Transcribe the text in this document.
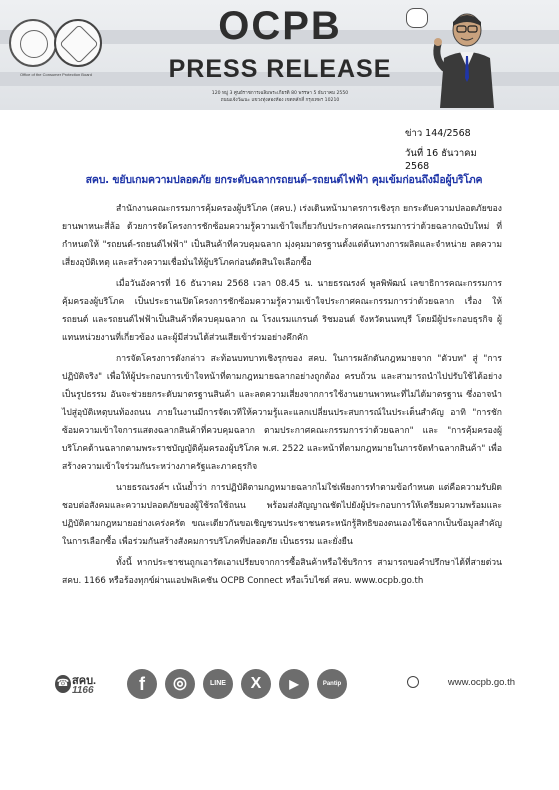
Office of the Consumer Protection Board
OCPB
PRESS RELEASE
120 หมู่ 3 ศูนย์ราชการเฉลิมพระเกียรติ 80 พรรษา 5 ธันวาคม 2550
ถนนแจ้งวัฒนะ แขวงทุ่งสองห้อง เขตหลักสี่ กรุงเทพฯ 10210
ข่าว 144/2568
วันที่ 16 ธันวาคม 2568
สคบ. ขยับเกมความปลอดภัย ยกระดับฉลากรถยนต์–รถยนต์ไฟฟ้า คุมเข้มก่อนถึงมือผู้บริโภค

สำนักงานคณะกรรมการคุ้มครองผู้บริโภค (สคบ.) เร่งเดินหน้ามาตรการเชิงรุก ยกระดับความปลอดภัยของยานพาหนะสี่ล้อ ด้วยการจัดโครงการชักซ้อมความรู้ความเข้าใจเกี่ยวกับประกาศคณะกรรมการว่าด้วยฉลากฉบับใหม่ ที่กำหนดให้ "รถยนต์-รถยนต์ไฟฟ้า" เป็นสินค้าที่ควบคุมฉลาก มุ่งคุมมาตรฐานตั้งแต่ต้นทางการผลิตและจำหน่าย ลดความเสี่ยงอุบัติเหตุ และสร้างความเชื่อมั่นให้ผู้บริโภคก่อนตัดสินใจเลือกซื้อ

เมื่อวันอังคารที่ 16 ธันวาคม 2568 เวลา 08.45 น. นายธรณรงค์ พูลพิพัฒน์ เลขาธิการคณะกรรมการคุ้มครองผู้บริโภค เป็นประธานเปิดโครงการชักซ้อมความรู้ความเข้าใจประกาศคณะกรรมการว่าด้วยฉลาก เรื่อง ให้รถยนต์ และรถยนต์ไฟฟ้าเป็นสินค้าที่ควบคุมฉลาก ณ โรงแรมแกรนด์ ริชมอนด์ จังหวัดนนทบุรี โดยมีผู้ประกอบธุรกิจ ผู้แทนหน่วยงานที่เกี่ยวข้อง และผู้มีส่วนได้ส่วนเสียเข้าร่วมอย่างคึกคัก

การจัดโครงการดังกล่าว สะท้อนบทบาทเชิงรุกของ สคบ. ในการผลักดันกฎหมายจาก "ตัวบท" สู่ "การปฏิบัติจริง" เพื่อให้ผู้ประกอบการเข้าใจหน้าที่ตามกฎหมายฉลากอย่างถูกต้อง ครบถ้วน และสามารถนำไปปรับใช้ได้อย่างเป็นรูปธรรม อันจะช่วยยกระดับมาตรฐานสินค้า และลดความเสี่ยงจากการใช้งานยานพาหนะที่ไม่ได้มาตรฐาน ซึ่งอาจนำไปสู่อุบัติเหตุบนท้องถนน ภายในงานมีการจัดเวทีให้ความรู้และแลกเปลี่ยนประสบการณ์ในประเด็นสำคัญ อาทิ "การชักซ้อมความเข้าใจการแสดงฉลากสินค้าที่ควบคุมฉลาก ตามประกาศคณะกรรมการว่าด้วยฉลาก" และ "การคุ้มครองผู้บริโภคด้านฉลากตามพระราชบัญญัติคุ้มครองผู้บริโภค พ.ศ. 2522 และหน้าที่ตามกฎหมายในการจัดทำฉลากสินค้า" เพื่อสร้างความเข้าใจร่วมกันระหว่างภาครัฐและภาคธุรกิจ

นายธรณรงค์ฯ เน้นย้ำว่า การปฏิบัติตามกฎหมายฉลากไม่ใช่เพียงการทำตามข้อกำหนด แต่คือความรับผิดชอบต่อสังคมและความปลอดภัยของผู้ใช้รถใช้ถนน พร้อมส่งสัญญาณชัดไปยังผู้ประกอบการให้เตรียมความพร้อมและปฏิบัติตามกฎหมายอย่างเคร่งครัด ขณะเดียวกันขอเชิญชวนประชาชนตระหนักรู้สิทธิของตนเองใช้ฉลากเป็นข้อมูลสำคัญในการเลือกซื้อ เพื่อร่วมกันสร้างสังคมการบริโภคที่ปลอดภัย เป็นธรรม และยั่งยืน

ทั้งนี้ หากประชาชนถูกเอารัดเอาเปรียบจากการซื้อสินค้าหรือใช้บริการ สามารถขอคำปรึกษาได้ที่สายด่วน สคบ. 1166 หรือร้องทุกข์ผ่านแอปพลิเคชัน OCPB Connect หรือเว็บไซต์ สคบ. www.ocpb.go.th

☎ สคบ.
1166	f	◎	LINE	X	▶	Pantip	www.ocpb.go.th
